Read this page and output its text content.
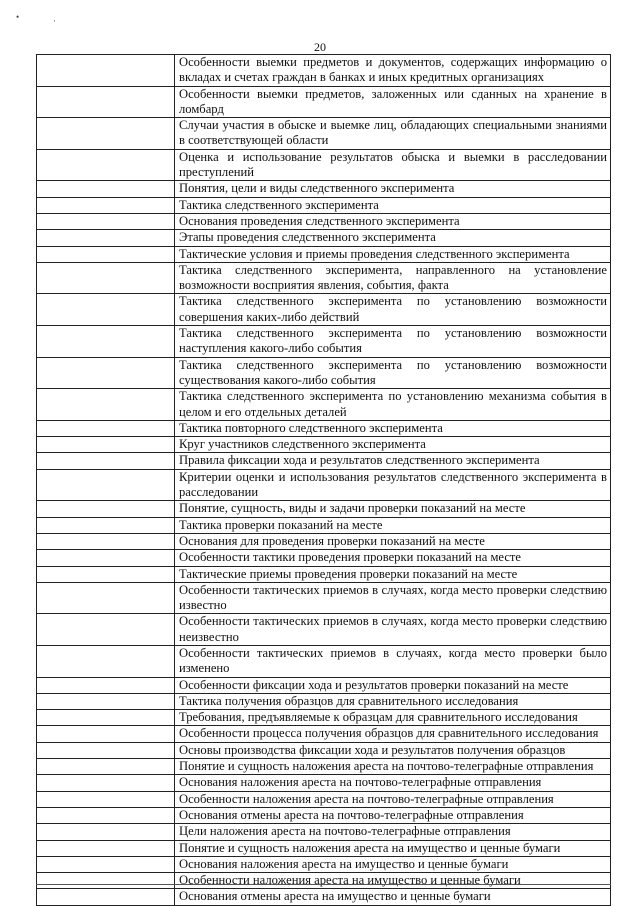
•	·
20
Особенности выемки предметов и документов, содержащих информацию о вкладах и счетах граждан в банках и иных кредитных организациях
Особенности выемки предметов, заложенных или сданных на хранение в ломбард
Случаи участия в обыске и выемке лиц, обладающих специальными знаниями в соответствующей области
Оценка и использование результатов обыска и выемки в расследовании преступлений
Понятия, цели и виды следственного эксперимента
Тактика следственного эксперимента
Основания проведения следственного эксперимента
Этапы проведения следственного эксперимента
Тактические условия и приемы проведения следственного эксперимента
Тактика следственного эксперимента, направленного на установление возможности восприятия явления, события, факта
Тактика следственного эксперимента по установлению возможности совершения каких-либо действий
Тактика следственного эксперимента по установлению возможности наступления какого-либо события
Тактика следственного эксперимента по установлению возможности существования какого-либо события
Тактика следственного эксперимента по установлению механизма события в целом и его отдельных деталей
Тактика повторного следственного эксперимента
Круг участников следственного эксперимента
Правила фиксации хода и результатов следственного эксперимента
Критерии оценки и использования результатов следственного эксперимента в расследовании
Понятие, сущность, виды и задачи проверки показаний на месте
Тактика проверки показаний на месте
Основания для проведения проверки показаний на месте
Особенности тактики проведения проверки показаний на месте
Тактические приемы проведения проверки показаний на месте
Особенности тактических приемов в случаях, когда место проверки следствию известно
Особенности тактических приемов в случаях, когда место проверки следствию неизвестно
Особенности тактических приемов в случаях, когда место проверки было изменено
Особенности фиксации хода и результатов проверки показаний на месте
Тактика получения образцов для сравнительного исследования
Требования, предъявляемые к образцам для сравнительного исследования
Особенности процесса получения образцов для сравнительного исследования
Основы производства фиксации хода и результатов получения образцов
Понятие и сущность наложения ареста на почтово-телеграфные отправления
Основания наложения ареста на почтово-телеграфные отправления
Особенности наложения ареста на почтово-телеграфные отправления
Основания отмены ареста на почтово-телеграфные отправления
Цели наложения ареста на почтово-телеграфные отправления
Понятие и сущность наложения ареста на имущество и ценные бумаги
Основания наложения ареста на имущество и ценные бумаги
Особенности наложения ареста на имущество и ценные бумаги
Основания отмены ареста на имущество и ценные бумаги
